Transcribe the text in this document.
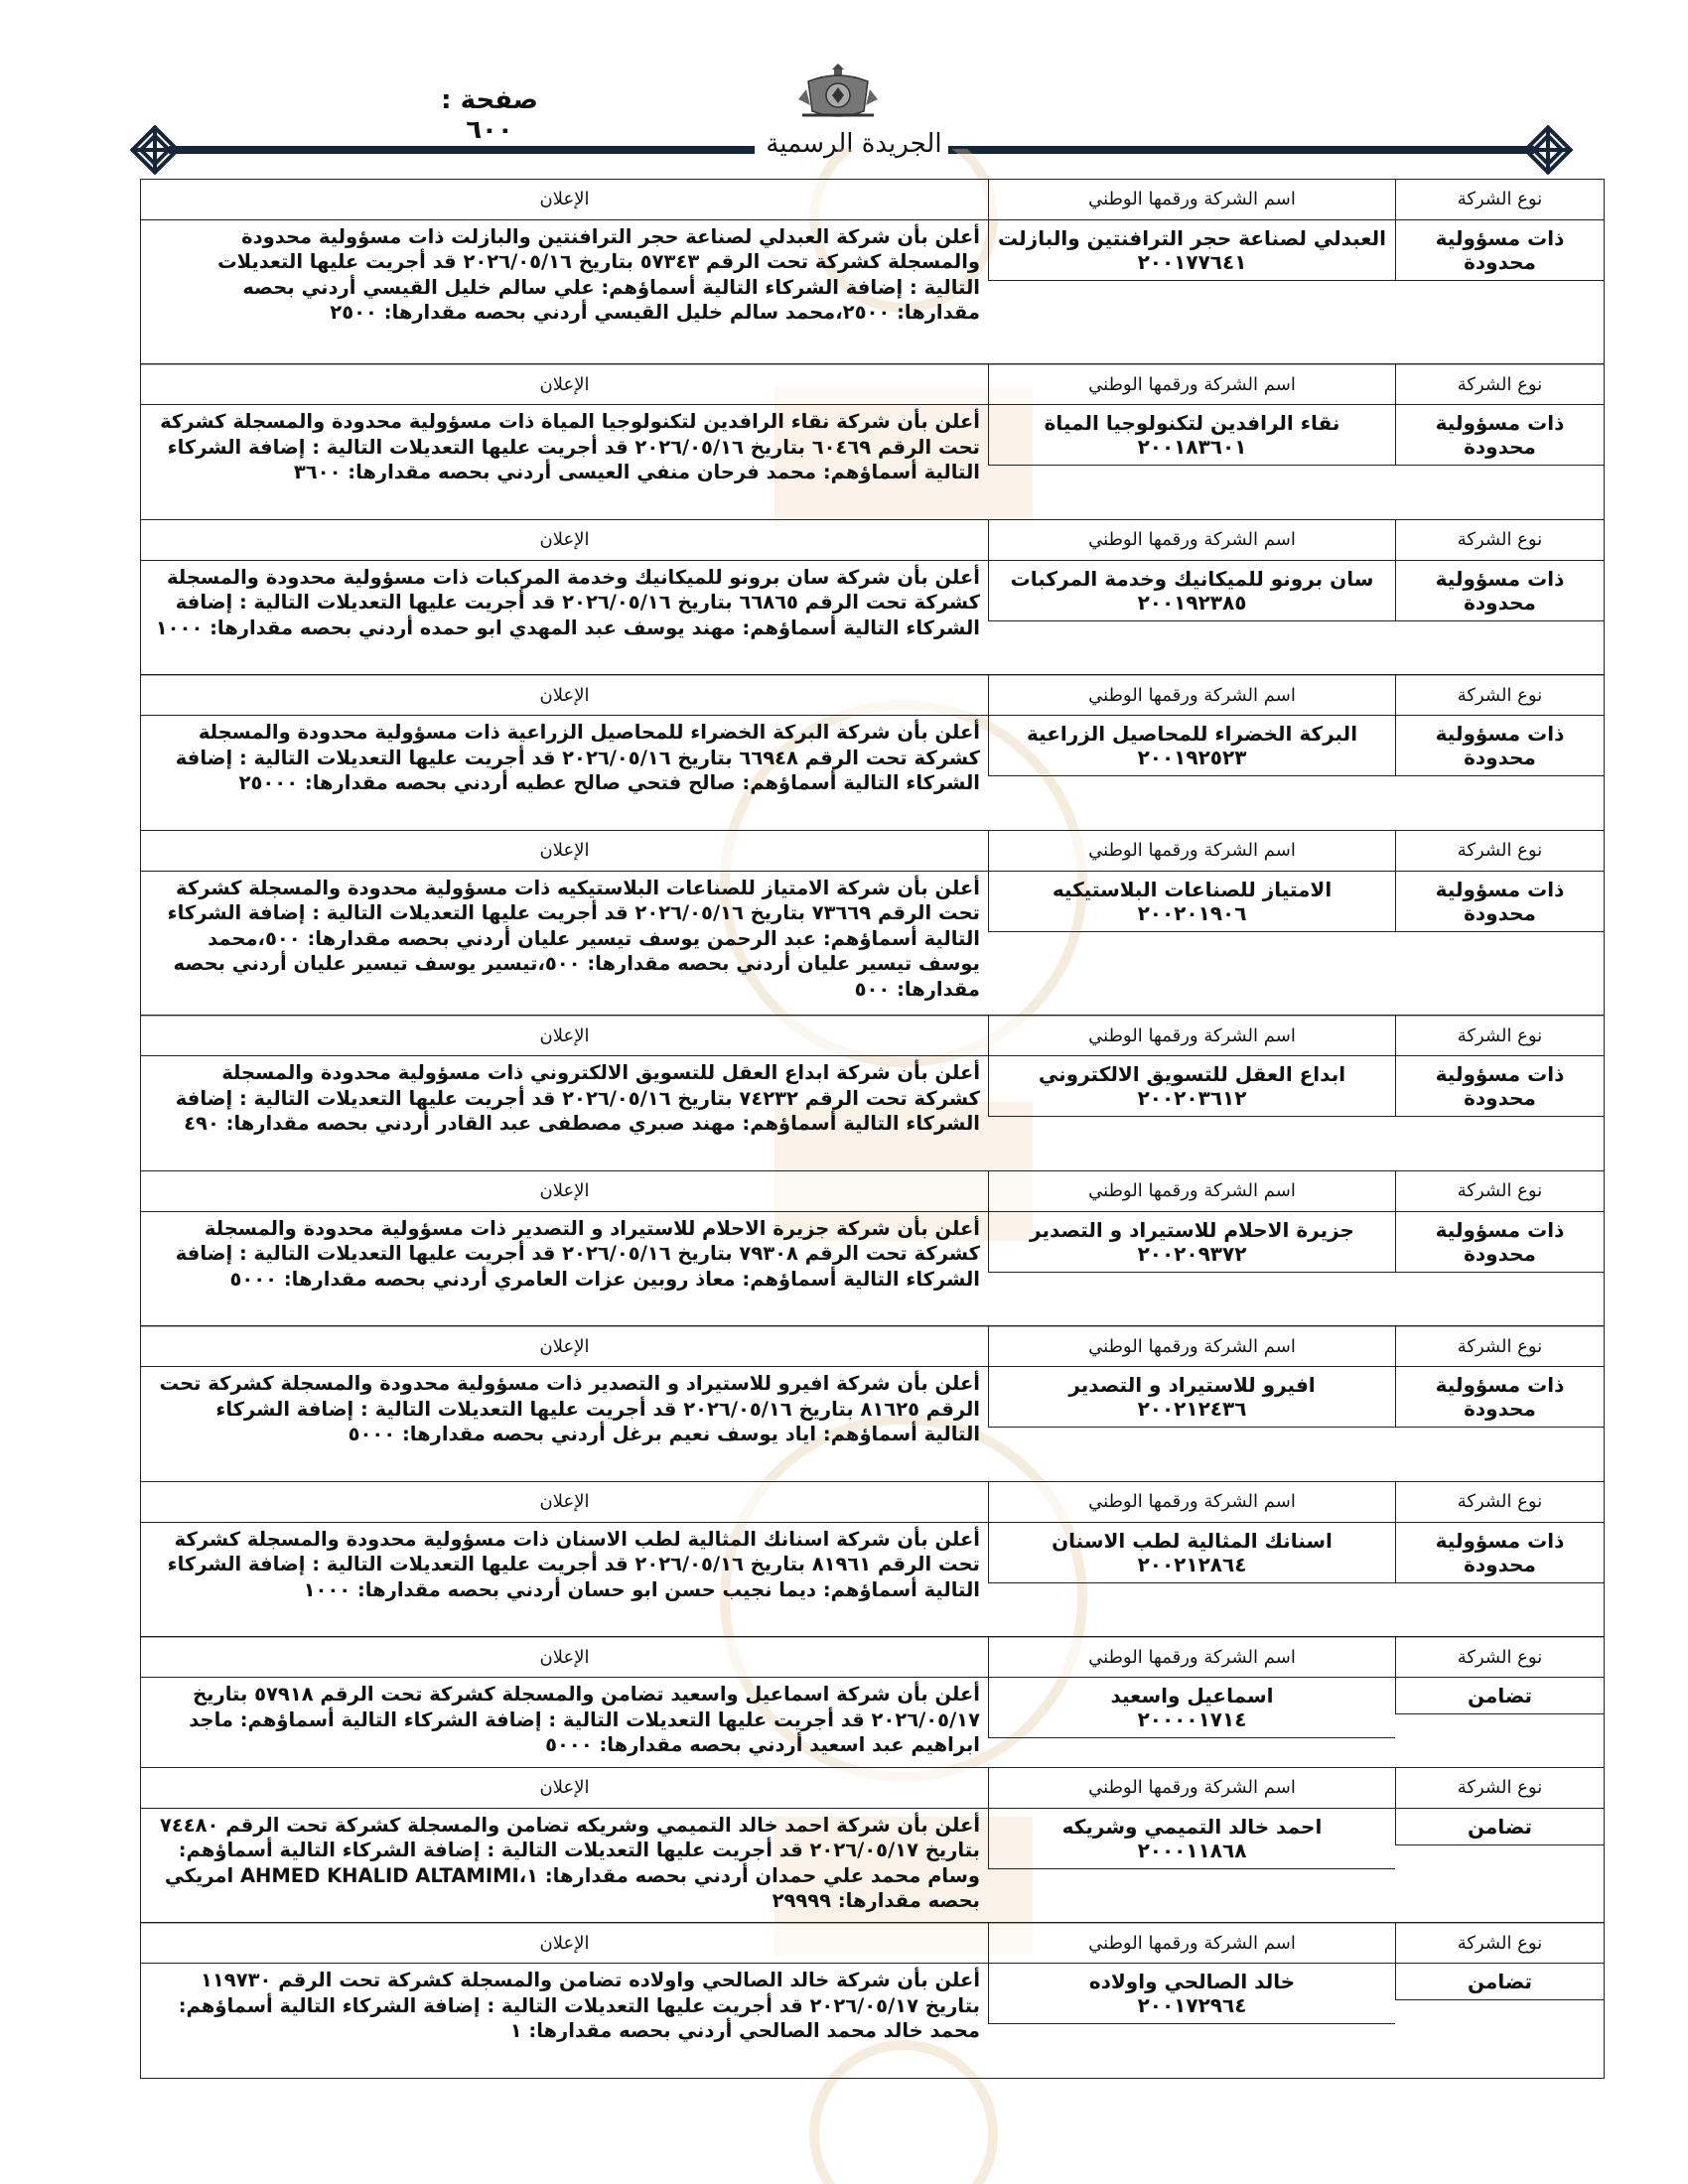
صفحة : ٦٠٠	الجريدة الرسمية
نوع الشركة
اسم الشركة ورقمها الوطني
الإعلان
ذات مسؤولية محدودة
العبدلي لصناعة حجر الترافنتين والبازلت
٢٠٠١٧٧٦٤١
أعلن بأن شركة العبدلي لصناعة حجر الترافنتين والبازلت ذات مسؤولية محدودة والمسجلة كشركة تحت الرقم ٥٧٣٤٣ بتاريخ ٢٠٢٦/٠٥/١٦ قد أجريت عليها التعديلات التالية : إضافة الشركاء التالية أسماؤهم: علي سالم خليل القيسي أردني بحصه مقدارها: ٢٥٠٠،محمد سالم خليل القيسي أردني بحصه مقدارها: ٢٥٠٠
نوع الشركة
اسم الشركة ورقمها الوطني
الإعلان
ذات مسؤولية محدودة
نقاء الرافدين لتكنولوجيا المياة
٢٠٠١٨٣٦٠١
أعلن بأن شركة نقاء الرافدين لتكنولوجيا المياة ذات مسؤولية محدودة والمسجلة كشركة تحت الرقم ٦٠٤٦٩ بتاريخ ٢٠٢٦/٠٥/١٦ قد أجريت عليها التعديلات التالية : إضافة الشركاء التالية أسماؤهم: محمد فرحان منفي العيسى أردني بحصه مقدارها: ٣٦٠٠
نوع الشركة
اسم الشركة ورقمها الوطني
الإعلان
ذات مسؤولية محدودة
سان برونو للميكانيك وخدمة المركبات
٢٠٠١٩٢٣٨٥
أعلن بأن شركة سان برونو للميكانيك وخدمة المركبات ذات مسؤولية محدودة والمسجلة كشركة تحت الرقم ٦٦٨٦٥ بتاريخ ٢٠٢٦/٠٥/١٦ قد أجريت عليها التعديلات التالية : إضافة الشركاء التالية أسماؤهم: مهند يوسف عبد المهدي ابو حمده أردني بحصه مقدارها: ١٠٠٠
نوع الشركة
اسم الشركة ورقمها الوطني
الإعلان
ذات مسؤولية محدودة
البركة الخضراء للمحاصيل الزراعية
٢٠٠١٩٢٥٢٣
أعلن بأن شركة البركة الخضراء للمحاصيل الزراعية ذات مسؤولية محدودة والمسجلة كشركة تحت الرقم ٦٦٩٤٨ بتاريخ ٢٠٢٦/٠٥/١٦ قد أجريت عليها التعديلات التالية : إضافة الشركاء التالية أسماؤهم: صالح فتحي صالح عطيه أردني بحصه مقدارها: ٢٥٠٠٠
نوع الشركة
اسم الشركة ورقمها الوطني
الإعلان
ذات مسؤولية محدودة
الامتياز للصناعات البلاستيكيه
٢٠٠٢٠١٩٠٦
أعلن بأن شركة الامتياز للصناعات البلاستيكيه ذات مسؤولية محدودة والمسجلة كشركة تحت الرقم ٧٣٦٦٩ بتاريخ ٢٠٢٦/٠٥/١٦ قد أجريت عليها التعديلات التالية : إضافة الشركاء التالية أسماؤهم: عبد الرحمن يوسف تيسير عليان أردني بحصه مقدارها: ٥٠٠،محمد يوسف تيسير عليان أردني بحصه مقدارها: ٥٠٠،تيسير يوسف تيسير عليان أردني بحصه مقدارها: ٥٠٠
نوع الشركة
اسم الشركة ورقمها الوطني
الإعلان
ذات مسؤولية محدودة
ابداع العقل للتسويق الالكتروني
٢٠٠٢٠٣٦١٢
أعلن بأن شركة ابداع العقل للتسويق الالكتروني ذات مسؤولية محدودة والمسجلة كشركة تحت الرقم ٧٤٢٣٢ بتاريخ ٢٠٢٦/٠٥/١٦ قد أجريت عليها التعديلات التالية : إضافة الشركاء التالية أسماؤهم: مهند صبري مصطفى عبد القادر أردني بحصه مقدارها: ٤٩٠
نوع الشركة
اسم الشركة ورقمها الوطني
الإعلان
ذات مسؤولية محدودة
جزيرة الاحلام للاستيراد و التصدير
٢٠٠٢٠٩٣٧٢
أعلن بأن شركة جزيرة الاحلام للاستيراد و التصدير ذات مسؤولية محدودة والمسجلة كشركة تحت الرقم ٧٩٣٠٨ بتاريخ ٢٠٢٦/٠٥/١٦ قد أجريت عليها التعديلات التالية : إضافة الشركاء التالية أسماؤهم: معاذ روبين عزات العامري أردني بحصه مقدارها: ٥٠٠٠
نوع الشركة
اسم الشركة ورقمها الوطني
الإعلان
ذات مسؤولية محدودة
افيرو للاستيراد و التصدير
٢٠٠٢١٢٤٣٦
أعلن بأن شركة افيرو للاستيراد و التصدير ذات مسؤولية محدودة والمسجلة كشركة تحت الرقم ٨١٦٢٥ بتاريخ ٢٠٢٦/٠٥/١٦ قد أجريت عليها التعديلات التالية : إضافة الشركاء التالية أسماؤهم: اياد يوسف نعيم برغل أردني بحصه مقدارها: ٥٠٠٠
نوع الشركة
اسم الشركة ورقمها الوطني
الإعلان
ذات مسؤولية محدودة
اسنانك المثالية لطب الاسنان
٢٠٠٢١٢٨٦٤
أعلن بأن شركة اسنانك المثالية لطب الاسنان ذات مسؤولية محدودة والمسجلة كشركة تحت الرقم ٨١٩٦١ بتاريخ ٢٠٢٦/٠٥/١٦ قد أجريت عليها التعديلات التالية : إضافة الشركاء التالية أسماؤهم: ديما نجيب حسن ابو حسان أردني بحصه مقدارها: ١٠٠٠
نوع الشركة
اسم الشركة ورقمها الوطني
الإعلان
تضامن
اسماعيل واسعيد
٢٠٠٠٠١٧١٤
أعلن بأن شركة اسماعيل واسعيد تضامن والمسجلة كشركة تحت الرقم ٥٧٩١٨ بتاريخ ٢٠٢٦/٠٥/١٧ قد أجريت عليها التعديلات التالية : إضافة الشركاء التالية أسماؤهم: ماجد ابراهيم عبد اسعيد أردني بحصه مقدارها: ٥٠٠٠
نوع الشركة
اسم الشركة ورقمها الوطني
الإعلان
تضامن
احمد خالد التميمي وشريكه
٢٠٠٠١١٨٦٨
أعلن بأن شركة احمد خالد التميمي وشريكه تضامن والمسجلة كشركة تحت الرقم ٧٤٤٨٠ بتاريخ ٢٠٢٦/٠٥/١٧ قد أجريت عليها التعديلات التالية : إضافة الشركاء التالية أسماؤهم: وسام محمد علي حمدان أردني بحصه مقدارها: ١،AHMED KHALID ALTAMIMI امريكي بحصه مقدارها: ٢٩٩٩٩
نوع الشركة
اسم الشركة ورقمها الوطني
الإعلان
تضامن
خالد الصالحي واولاده
٢٠٠١٧٢٩٦٤
أعلن بأن شركة خالد الصالحي واولاده تضامن والمسجلة كشركة تحت الرقم ١١٩٧٣٠ بتاريخ ٢٠٢٦/٠٥/١٧ قد أجريت عليها التعديلات التالية : إضافة الشركاء التالية أسماؤهم: محمد خالد محمد الصالحي أردني بحصه مقدارها: ١
